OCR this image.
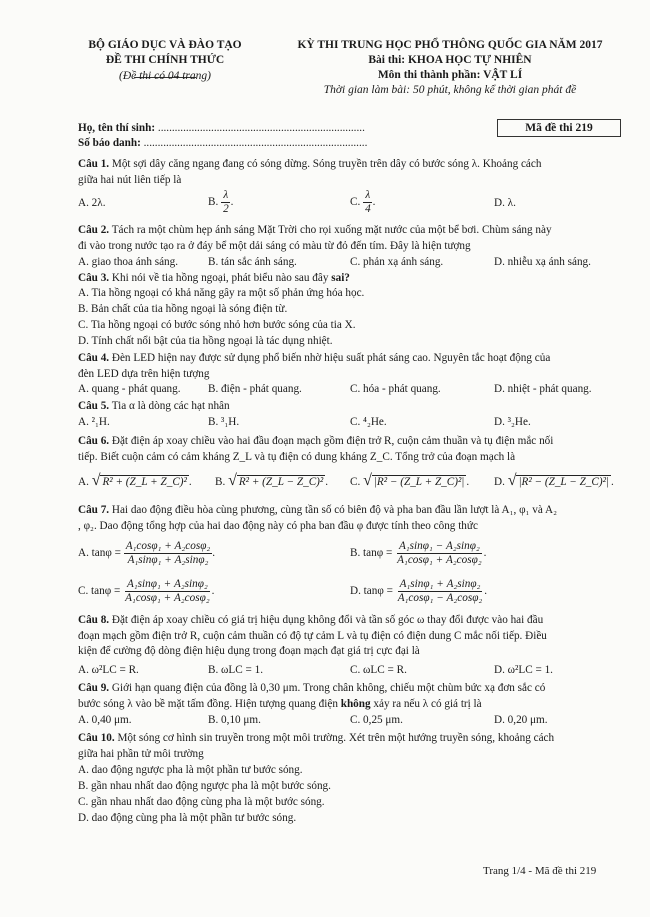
BỘ GIÁO DỤC VÀ ĐÀO TẠO
ĐỀ THI CHÍNH THỨC
(Đề thi có 04 trang)
KỲ THI TRUNG HỌC PHỔ THÔNG QUỐC GIA NĂM 2017
Bài thi: KHOA HỌC TỰ NHIÊN
Môn thi thành phần: VẬT LÍ
Thời gian làm bài: 50 phút, không kể thời gian phát đề
Họ, tên thí sinh: ..........................................................................
Số báo danh: ................................................................................
Mã đề thi 219
Câu 1. Một sợi dây căng ngang đang có sóng dừng. Sóng truyền trên dây có bước sóng λ. Khoảng cách
giữa hai nút liên tiếp là
A. 2λ.	B. $\frac{\lambda}{2}$ .	C. $\frac{\lambda}{4}$ .	D. λ.
Câu 2. Tách ra một chùm hẹp ánh sáng Mặt Trời cho rọi xuống mặt nước của một bể bơi. Chùm sáng này
đi vào trong nước tạo ra ở đáy bể một dải sáng có màu từ đỏ đến tím. Đây là hiện tượng
A. giao thoa ánh sáng.	B. tán sắc ánh sáng.	C. phản xạ ánh sáng.	D. nhiễu xạ ánh sáng.
Câu 3. Khi nói về tia hồng ngoại, phát biểu nào sau đây sai?
A. Tia hồng ngoại có khả năng gây ra một số phản ứng hóa học.
B. Bản chất của tia hồng ngoại là sóng điện từ.
C. Tia hồng ngoại có bước sóng nhỏ hơn bước sóng của tia X.
D. Tính chất nổi bật của tia hồng ngoại là tác dụng nhiệt.
Câu 4. Đèn LED hiện nay được sử dụng phổ biến nhờ hiệu suất phát sáng cao. Nguyên tắc hoạt động của
đèn LED dựa trên hiện tượng
A. quang - phát quang. B. điện - phát quang.	C. hóa - phát quang.	D. nhiệt - phát quang.
Câu 5. Tia α là dòng các hạt nhân
A. ²₁H.	B. ³₁H.	C. ⁴₂He.	D. ³₂He.
Câu 6. Đặt điện áp xoay chiều vào hai đầu đoạn mạch gồm điện trở R, cuộn cảm thuần và tụ điện mắc nối
tiếp. Biết cuộn cảm có cảm kháng Z_L và tụ điện có dung kháng Z_C. Tổng trở của đoạn mạch là
A. √ R² + (Z_L + Z_C)² . B. √ R² + (Z_L − Z_C)² . C. √ |R² − (Z_L + Z_C)²| . D. √ |R² − (Z_L − Z_C)²| .
Câu 7. Hai dao động điều hòa cùng phương, cùng tần số có biên độ và pha ban đầu lần lượt là A₁, φ₁ và A₂
, φ₂. Dao động tổng hợp của hai dao động này có pha ban đầu φ được tính theo công thức
A. $\tan\varphi = \frac{\text{A₁cosφ₁ + A₂cosφ₂}}{\text{A₁sinφ₁ + A₂sinφ₂}}$ .	B. $\tan\varphi = \frac{\text{A₁sinφ₁ − A₂sinφ₂}}{\text{A₁cosφ₁ + A₂cosφ₂}}$ .
C. $\tan\varphi = \frac{\text{A₁sinφ₁ + A₂sinφ₂}}{\text{A₁cosφ₁ + A₂cosφ₂}}$ .	D. $\tan\varphi = \frac{\text{A₁sinφ₁ + A₂sinφ₂}}{\text{A₁cosφ₁ − A₂cosφ₂}}$ .
Câu 8. Đặt điện áp xoay chiều có giá trị hiệu dụng không đổi và tần số góc ω thay đổi được vào hai đầu
đoạn mạch gồm điện trở R, cuộn cảm thuần có độ tự cảm L và tụ điện có điện dung C mắc nối tiếp. Điều
kiện để cường độ dòng điện hiệu dụng trong đoạn mạch đạt giá trị cực đại là
A. ω²LC = R.	B. ωLC = 1.	C. ωLC = R.	D. ω²LC = 1.
Câu 9. Giới hạn quang điện của đồng là 0,30 μm. Trong chân không, chiếu một chùm bức xạ đơn sắc có
bước sóng λ vào bề mặt tấm đồng. Hiện tượng quang điện không xảy ra nếu λ có giá trị là
A. 0,40 μm.	B. 0,10 μm.	C. 0,25 μm.	D. 0,20 μm.
Câu 10. Một sóng cơ hình sin truyền trong một môi trường. Xét trên một hướng truyền sóng, khoảng cách
giữa hai phần tử môi trường
A. dao động ngược pha là một phần tư bước sóng.
B. gần nhau nhất dao động ngược pha là một bước sóng.
C. gần nhau nhất dao động cùng pha là một bước sóng.
D. dao động cùng pha là một phần tư bước sóng.
Trang 1/4 - Mã đề thi 219
